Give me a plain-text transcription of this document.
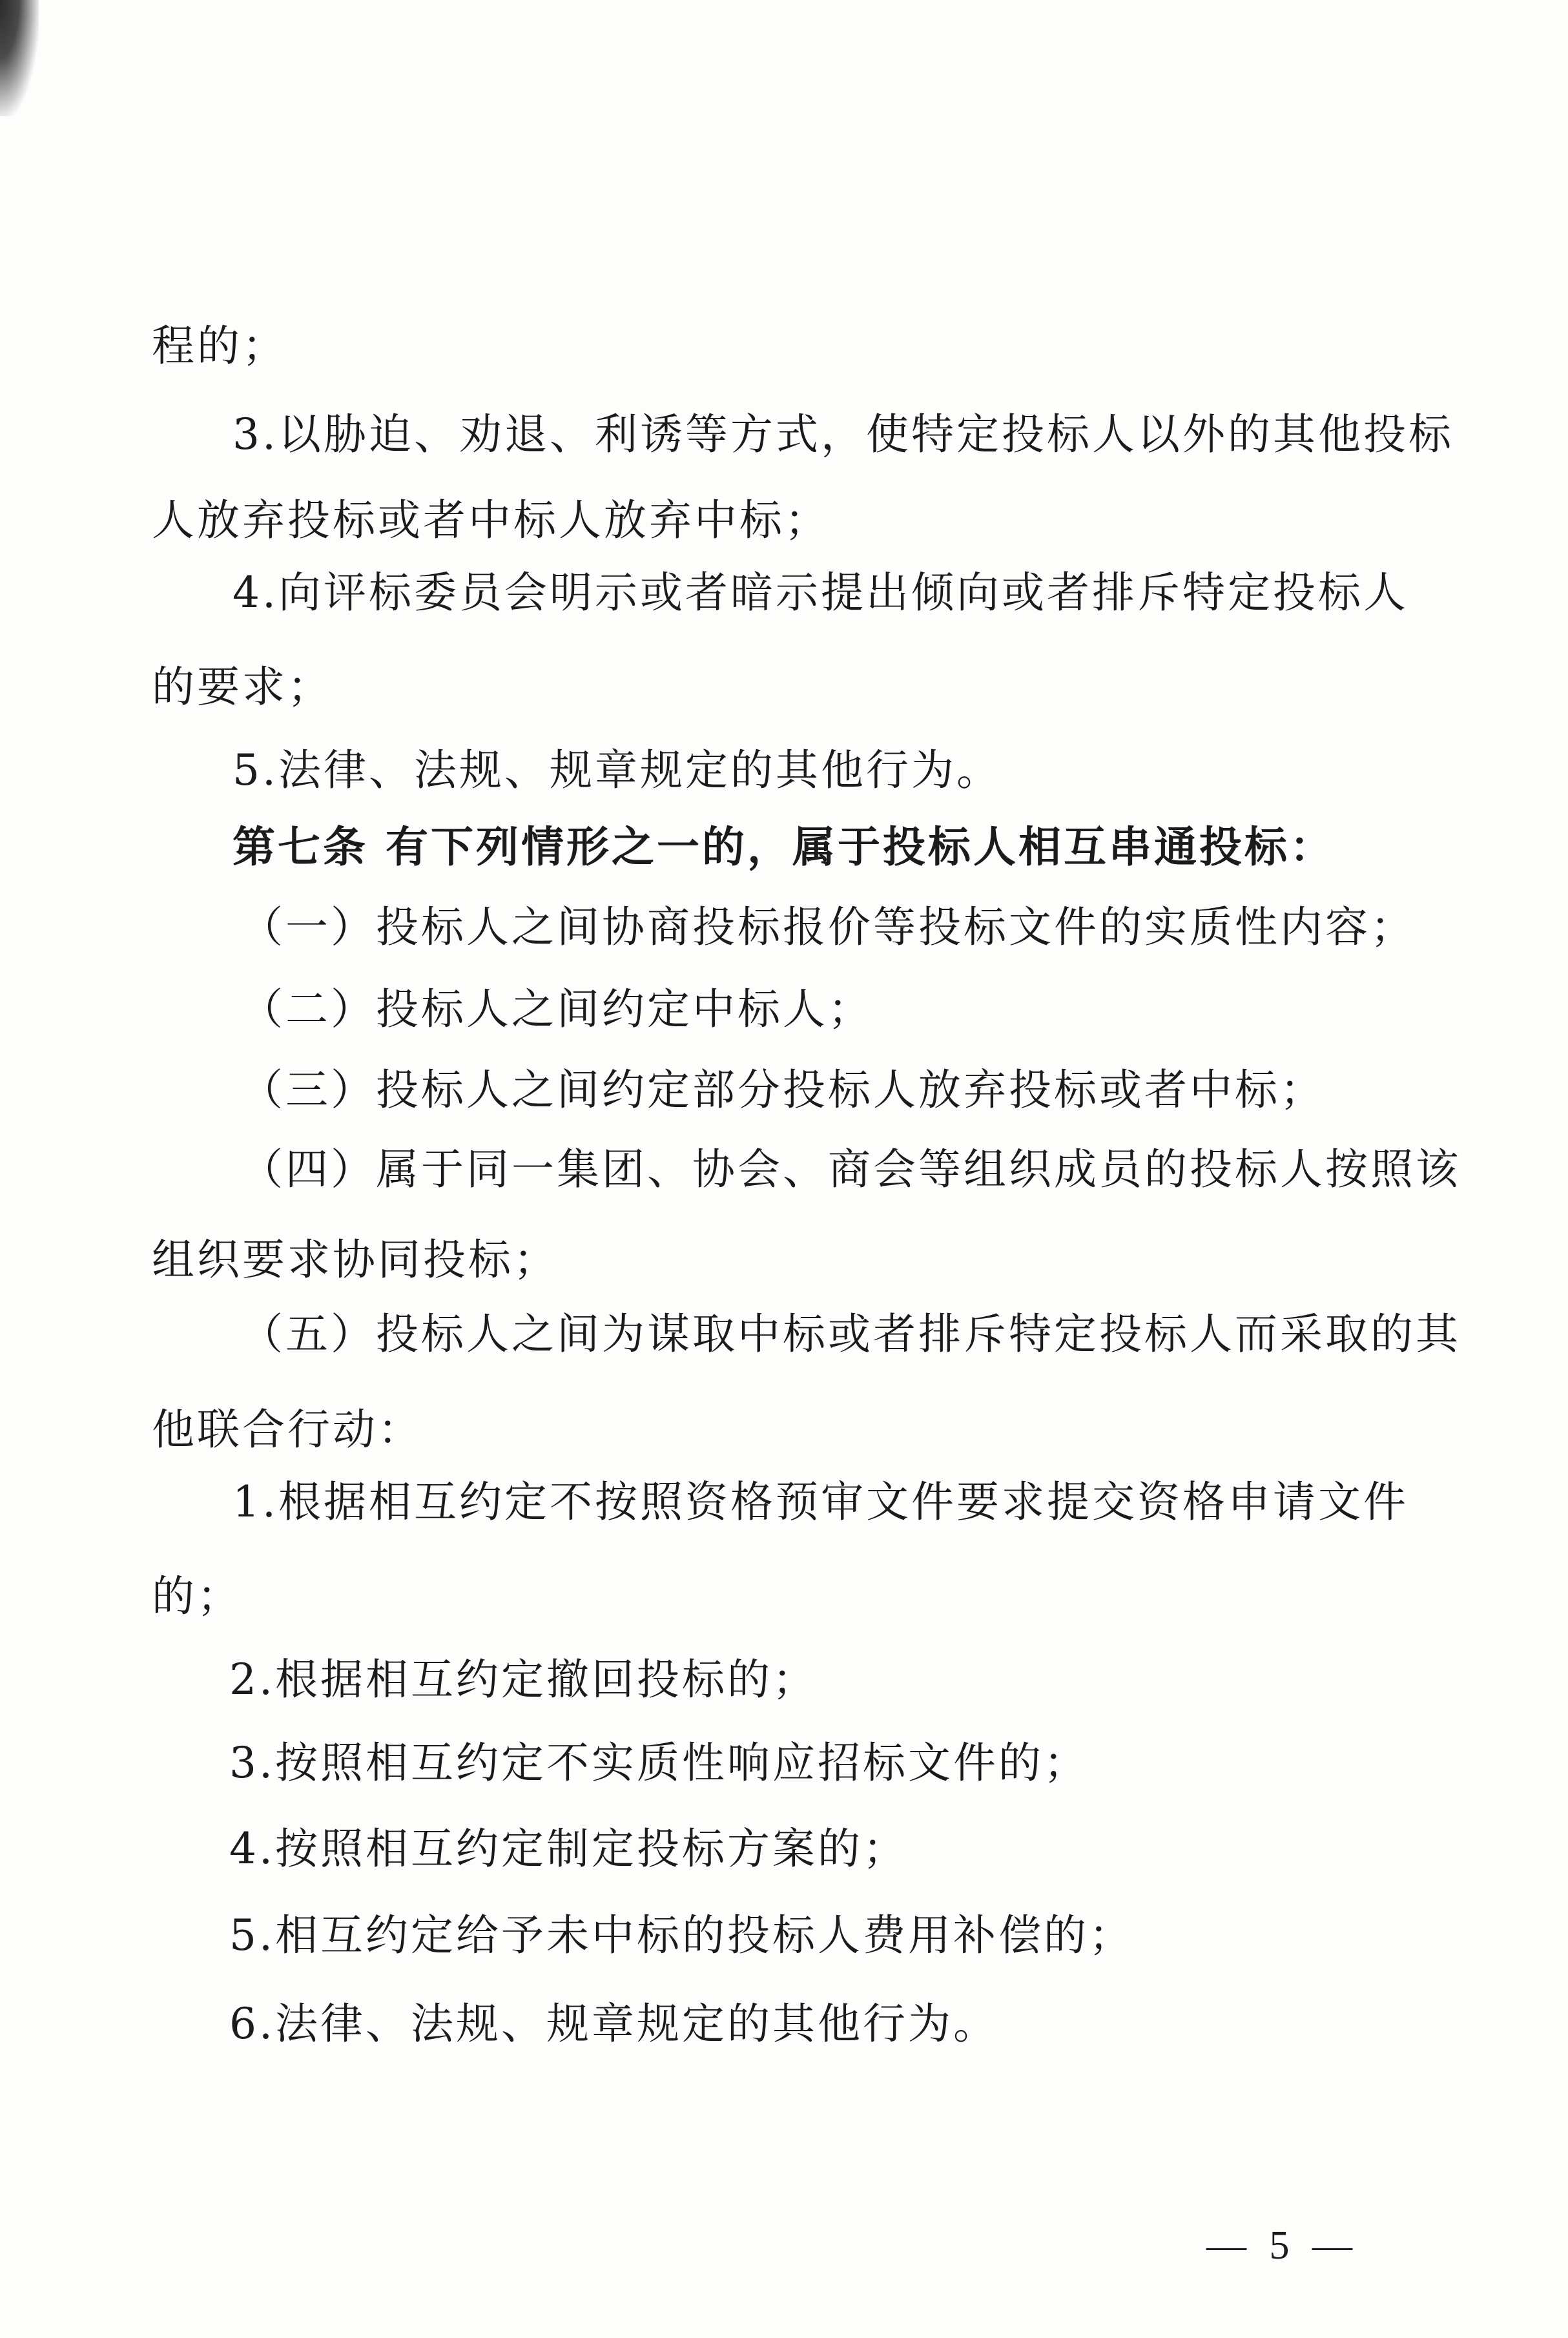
程的；
3.以胁迫、劝退、利诱等方式，使特定投标人以外的其他投标
人放弃投标或者中标人放弃中标；
4.向评标委员会明示或者暗示提出倾向或者排斥特定投标人
的要求；
5.法律、法规、规章规定的其他行为。
第七条 有下列情形之一的，属于投标人相互串通投标：
（一）投标人之间协商投标报价等投标文件的实质性内容；
（二）投标人之间约定中标人；
（三）投标人之间约定部分投标人放弃投标或者中标；
（四）属于同一集团、协会、商会等组织成员的投标人按照该
组织要求协同投标；
（五）投标人之间为谋取中标或者排斥特定投标人而采取的其
他联合行动：
1.根据相互约定不按照资格预审文件要求提交资格申请文件
的；
2.根据相互约定撤回投标的；
3.按照相互约定不实质性响应招标文件的；
4.按照相互约定制定投标方案的；
5.相互约定给予未中标的投标人费用补偿的；
6.法律、法规、规章规定的其他行为。
— 5 —
